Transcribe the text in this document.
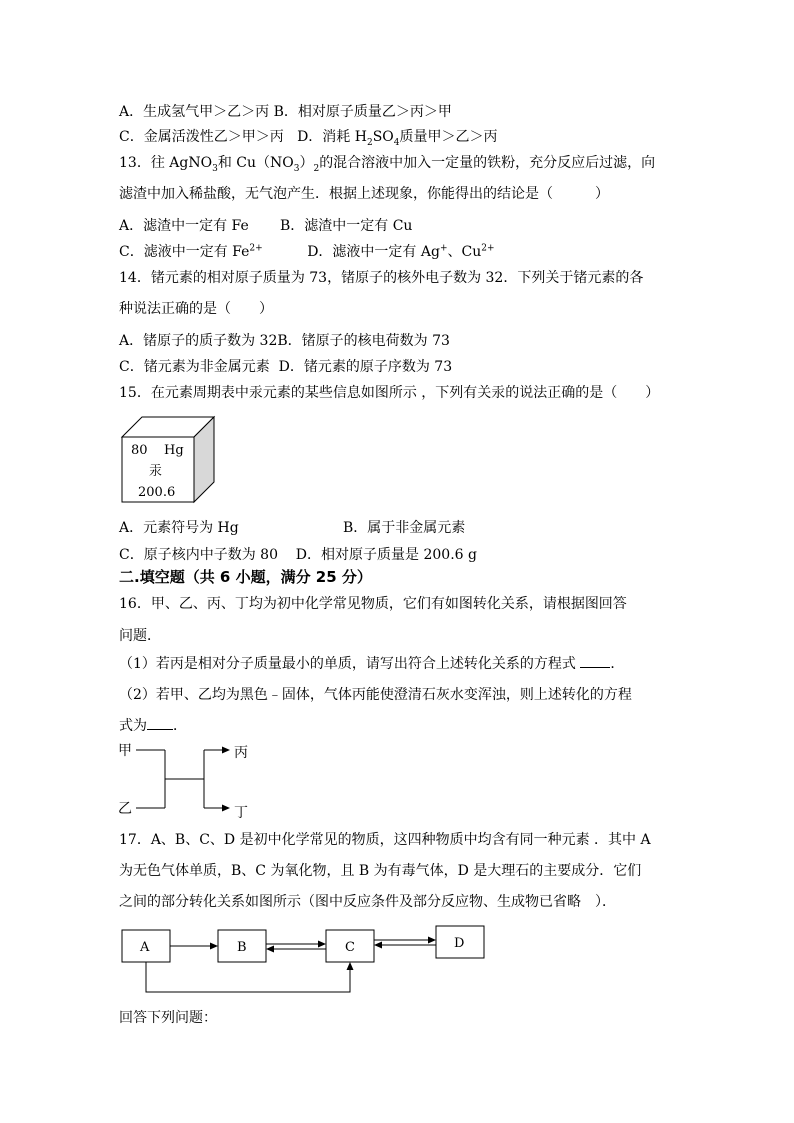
A．生成氢气甲＞乙＞丙 B．相对原子质量乙＞丙＞甲
C．金属活泼性乙＞甲＞丙 D．消耗 $H_2SO_4$质量甲＞乙＞丙
13．往 AgNO$_3$和 $Cu(NO_3)_2$的混合溶液中加入一定量的铁粉，充分反应后过滤，向
滤渣中加入稀盐酸，无气泡产生．根据上述现象，你能得出的结论是（　　　）
A．滤渣中一定有 Fe B．滤渣中一定有 Cu
C．滤液中一定有 $Fe^{2+}$	D．滤液中一定有 Ag+、$Cu^{2+}$
14．锗元素的相对原子质量为 73，锗原子的核外电子数为 32．下列关于锗元素的各
种说法正确的是（　　）
A．锗原子的质子数为 32B．锗原子的核电荷数为 73
C．锗元素为非金属元素  D．锗元素的原子序数为 73
15．在元素周期表中汞元素的某些信息如图所示 ，下列有关汞的说法正确的是（　　）
80 Hg
汞
200.6
A．元素符号为 Hg	B．属于非金属元素
C．原子核内中子数为 80 D．相对原子质量是 200.6 g
二.填空题（共 6 小题，满分 25 分）
16．甲、乙、丙、丁均为初中化学常见物质，它们有如图转化关系，请根据图回答
问题．
（1）若丙是相对分子质量最小的单质，请写出符合上述转化关系的方程式 ．
（2）若甲、乙均为黑色﹣固体，气体丙能使澄清石灰水变浑浊，则上述转化的方程
式为 ．
甲
乙
丙
丁
17．A、B、C、D 是初中化学常见的物质，这四种物质中均含有同一种元素 ．其中 A
为无色气体单质，B、C 为氧化物，且 B 为有毒气体，D 是大理石的主要成分．它们
之间的部分转化关系如图所示（图中反应条件及部分反应物、生成物已省略　）．
A	B	C	D
回答下列问题：
